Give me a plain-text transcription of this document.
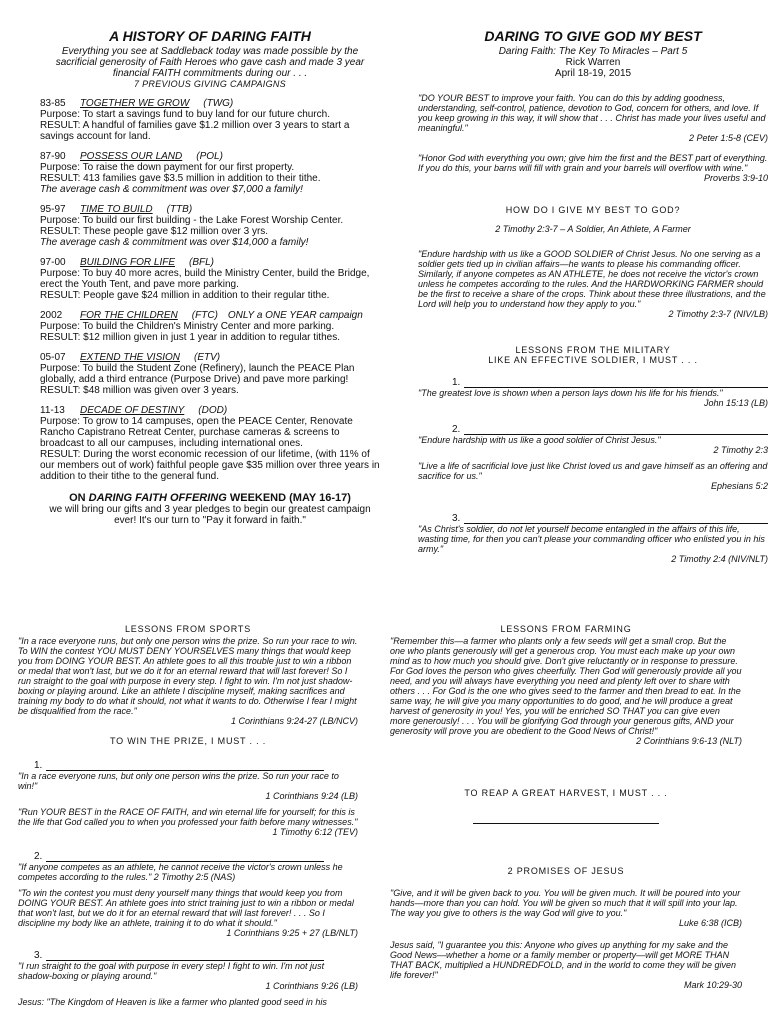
A HISTORY OF DARING FAITH
Everything you see at Saddleback today was made possible by the sacrificial generosity of Faith Heroes who gave cash and made 3 year financial FAITH commitments during our . . .
7 PREVIOUS GIVING CAMPAIGNS
83-85	TOGETHER WE GROW (TWG)
Purpose: To start a savings fund to buy land for our future church.
RESULT: A handful of families gave $1.2 million over 3 years to start a savings account for land.
87-90	POSSESS OUR LAND (POL)
Purpose: To raise the down payment for our first property.
RESULT: 413 families gave $3.5 million in addition to their tithe.
The average cash & commitment was over $7,000 a family!
95-97	TIME TO BUILD (TTB)
Purpose: To build our first building - the Lake Forest Worship Center.
RESULT: These people gave $12 million over 3 yrs.
The average cash & commitment was over $14,000 a family!
97-00	BUILDING FOR LIFE (BFL)
Purpose: To buy 40 more acres, build the Ministry Center, build the Bridge, erect the Youth Tent, and pave more parking.
RESULT: People gave $24 million in addition to their regular tithe.
2002	FOR THE CHILDREN (FTC) ONLY a ONE YEAR campaign
Purpose: To build the Children's Ministry Center and more parking.
RESULT: $12 million given in just 1 year in addition to regular tithes.
05-07	EXTEND THE VISION (ETV)
Purpose: To build the Student Zone (Refinery), launch the PEACE Plan globally, add a third entrance (Purpose Drive) and pave more parking!
RESULT: $48 million was given over 3 years.
11-13	DECADE OF DESTINY (DOD)
Purpose: To grow to 14 campuses, open the PEACE Center, Renovate Rancho Capistrano Retreat Center, purchase cameras & screens to broadcast to all our campuses, including international ones.
RESULT: During the worst economic recession of our lifetime, (with 11% of our members out of work) faithful people gave $35 million over three years in addition to their tithe to the general fund.
ON DARING FAITH OFFERING WEEKEND (MAY 16-17)
we will bring our gifts and 3 year pledges to begin our greatest campaign ever! It's our turn to "Pay it forward in faith."
DARING TO GIVE GOD MY BEST
Daring Faith: The Key To Miracles – Part 5
Rick Warren
April 18-19, 2015

"DO YOUR BEST to improve your faith. You can do this by adding goodness, understanding, self-control, patience, devotion to God, concern for others, and love. If you keep growing in this way, it will show that . . . Christ has made your lives useful and meaningful."

2 Peter 1:5-8 (CEV)

"Honor God with everything you own; give him the first and the BEST part of everything. If you do this, your barns will fill with grain and your barrels will overflow with wine."

Proverbs 3:9-10

HOW DO I GIVE MY BEST TO GOD?

2 Timothy 2:3-7 – A Soldier, An Athlete, A Farmer

"Endure hardship with us like a GOOD SOLDIER of Christ Jesus. No one serving as a soldier gets tied up in civilian affairs—he wants to please his commanding officer. Similarly, if anyone competes as AN ATHLETE, he does not receive the victor's crown unless he competes according to the rules. And the HARDWORKING FARMER should be the first to receive a share of the crops. Think about these three illustrations, and the Lord will help you to understand how they apply to you."

2 Timothy 2:3-7 (NIV/LB)

LESSONS FROM THE MILITARY

LIKE AN EFFECTIVE SOLDIER, I MUST . . .

1.

"The greatest love is shown when a person lays down his life for his friends."

John 15:13 (LB)

2.

"Endure hardship with us like a good soldier of Christ Jesus."

2 Timothy 2:3

"Live a life of sacrificial love just like Christ loved us and gave himself as an offering and sacrifice for us."

Ephesians 5:2

3.

"As Christ's soldier, do not let yourself become entangled in the affairs of this life, wasting time, for then you can't please your commanding officer who enlisted you in his army."

2 Timothy 2:4 (NIV/NLT)

LESSONS FROM SPORTS

"In a race everyone runs, but only one person wins the prize. So run your race to win. To WIN the contest YOU MUST DENY YOURSELVES many things that would keep you from DOING YOUR BEST. An athlete goes to all this trouble just to win a ribbon or medal that won't last, but we do it for an eternal reward that will last forever! So I run straight to the goal with purpose in every step. I fight to win. I'm not just shadow-boxing or playing around. Like an athlete I discipline myself, making sacrifices and training my body to do what it should, not what it wants to do. Otherwise I fear I might be disqualified from the race."

1 Corinthians 9:24-27 (LB/NCV)

TO WIN THE PRIZE, I MUST . . .

1.

"In a race everyone runs, but only one person wins the prize. So run your race to win!"

1 Corinthians 9:24 (LB)

"Run YOUR BEST in the RACE OF FAITH, and win eternal life for yourself; for this is the life that God called you to when you professed your faith before many witnesses."

1 Timothy 6:12 (TEV)

2.

"If anyone competes as an athlete, he cannot receive the victor's crown unless he competes according to the rules." 2 Timothy 2:5 (NAS)

"To win the contest you must deny yourself many things that would keep you from DOING YOUR BEST. An athlete goes into strict training just to win a ribbon or medal that won't last, but we do it for an eternal reward that will last forever! . . . So I discipline my body like an athlete, training it to do what it should."

1 Corinthians 9:25 + 27 (LB/NLT)

3.

"I run straight to the goal with purpose in every step! I fight to win. I'm not just shadow-boxing or playing around."

1 Corinthians 9:26 (LB)

Jesus: "The Kingdom of Heaven is like a farmer who planted good seed in his

LESSONS FROM FARMING

"Remember this—a farmer who plants only a few seeds will get a small crop. But the one who plants generously will get a generous crop. You must each make up your own mind as to how much you should give. Don't give reluctantly or in response to pressure. For God loves the person who gives cheerfully. Then God will generously provide all you need, and you will always have everything you need and plenty left over to share with others . . . For God is the one who gives seed to the farmer and then bread to eat. In the same way, he will give you many opportunities to do good, and he will produce a great harvest of generosity in you! Yes, you will be enriched SO THAT you can give even more generously! . . . You will be glorifying God through your generous gifts, AND your generosity will prove you are obedient to the Good News of Christ!"

2 Corinthians 9:6-13 (NLT)

TO REAP A GREAT HARVEST, I MUST . . .

2 PROMISES OF JESUS

"Give, and it will be given back to you. You will be given much. It will be poured into your hands—more than you can hold. You will be given so much that it will spill into your lap. The way you give to others is the way God will give to you."

Luke 6:38 (ICB)

Jesus said, "I guarantee you this: Anyone who gives up anything for my sake and the Good News—whether a home or a family member or property—will get MORE THAN THAT BACK, multiplied a HUNDREDFOLD, and in the world to come they will be given life forever!"

Mark 10:29-30
